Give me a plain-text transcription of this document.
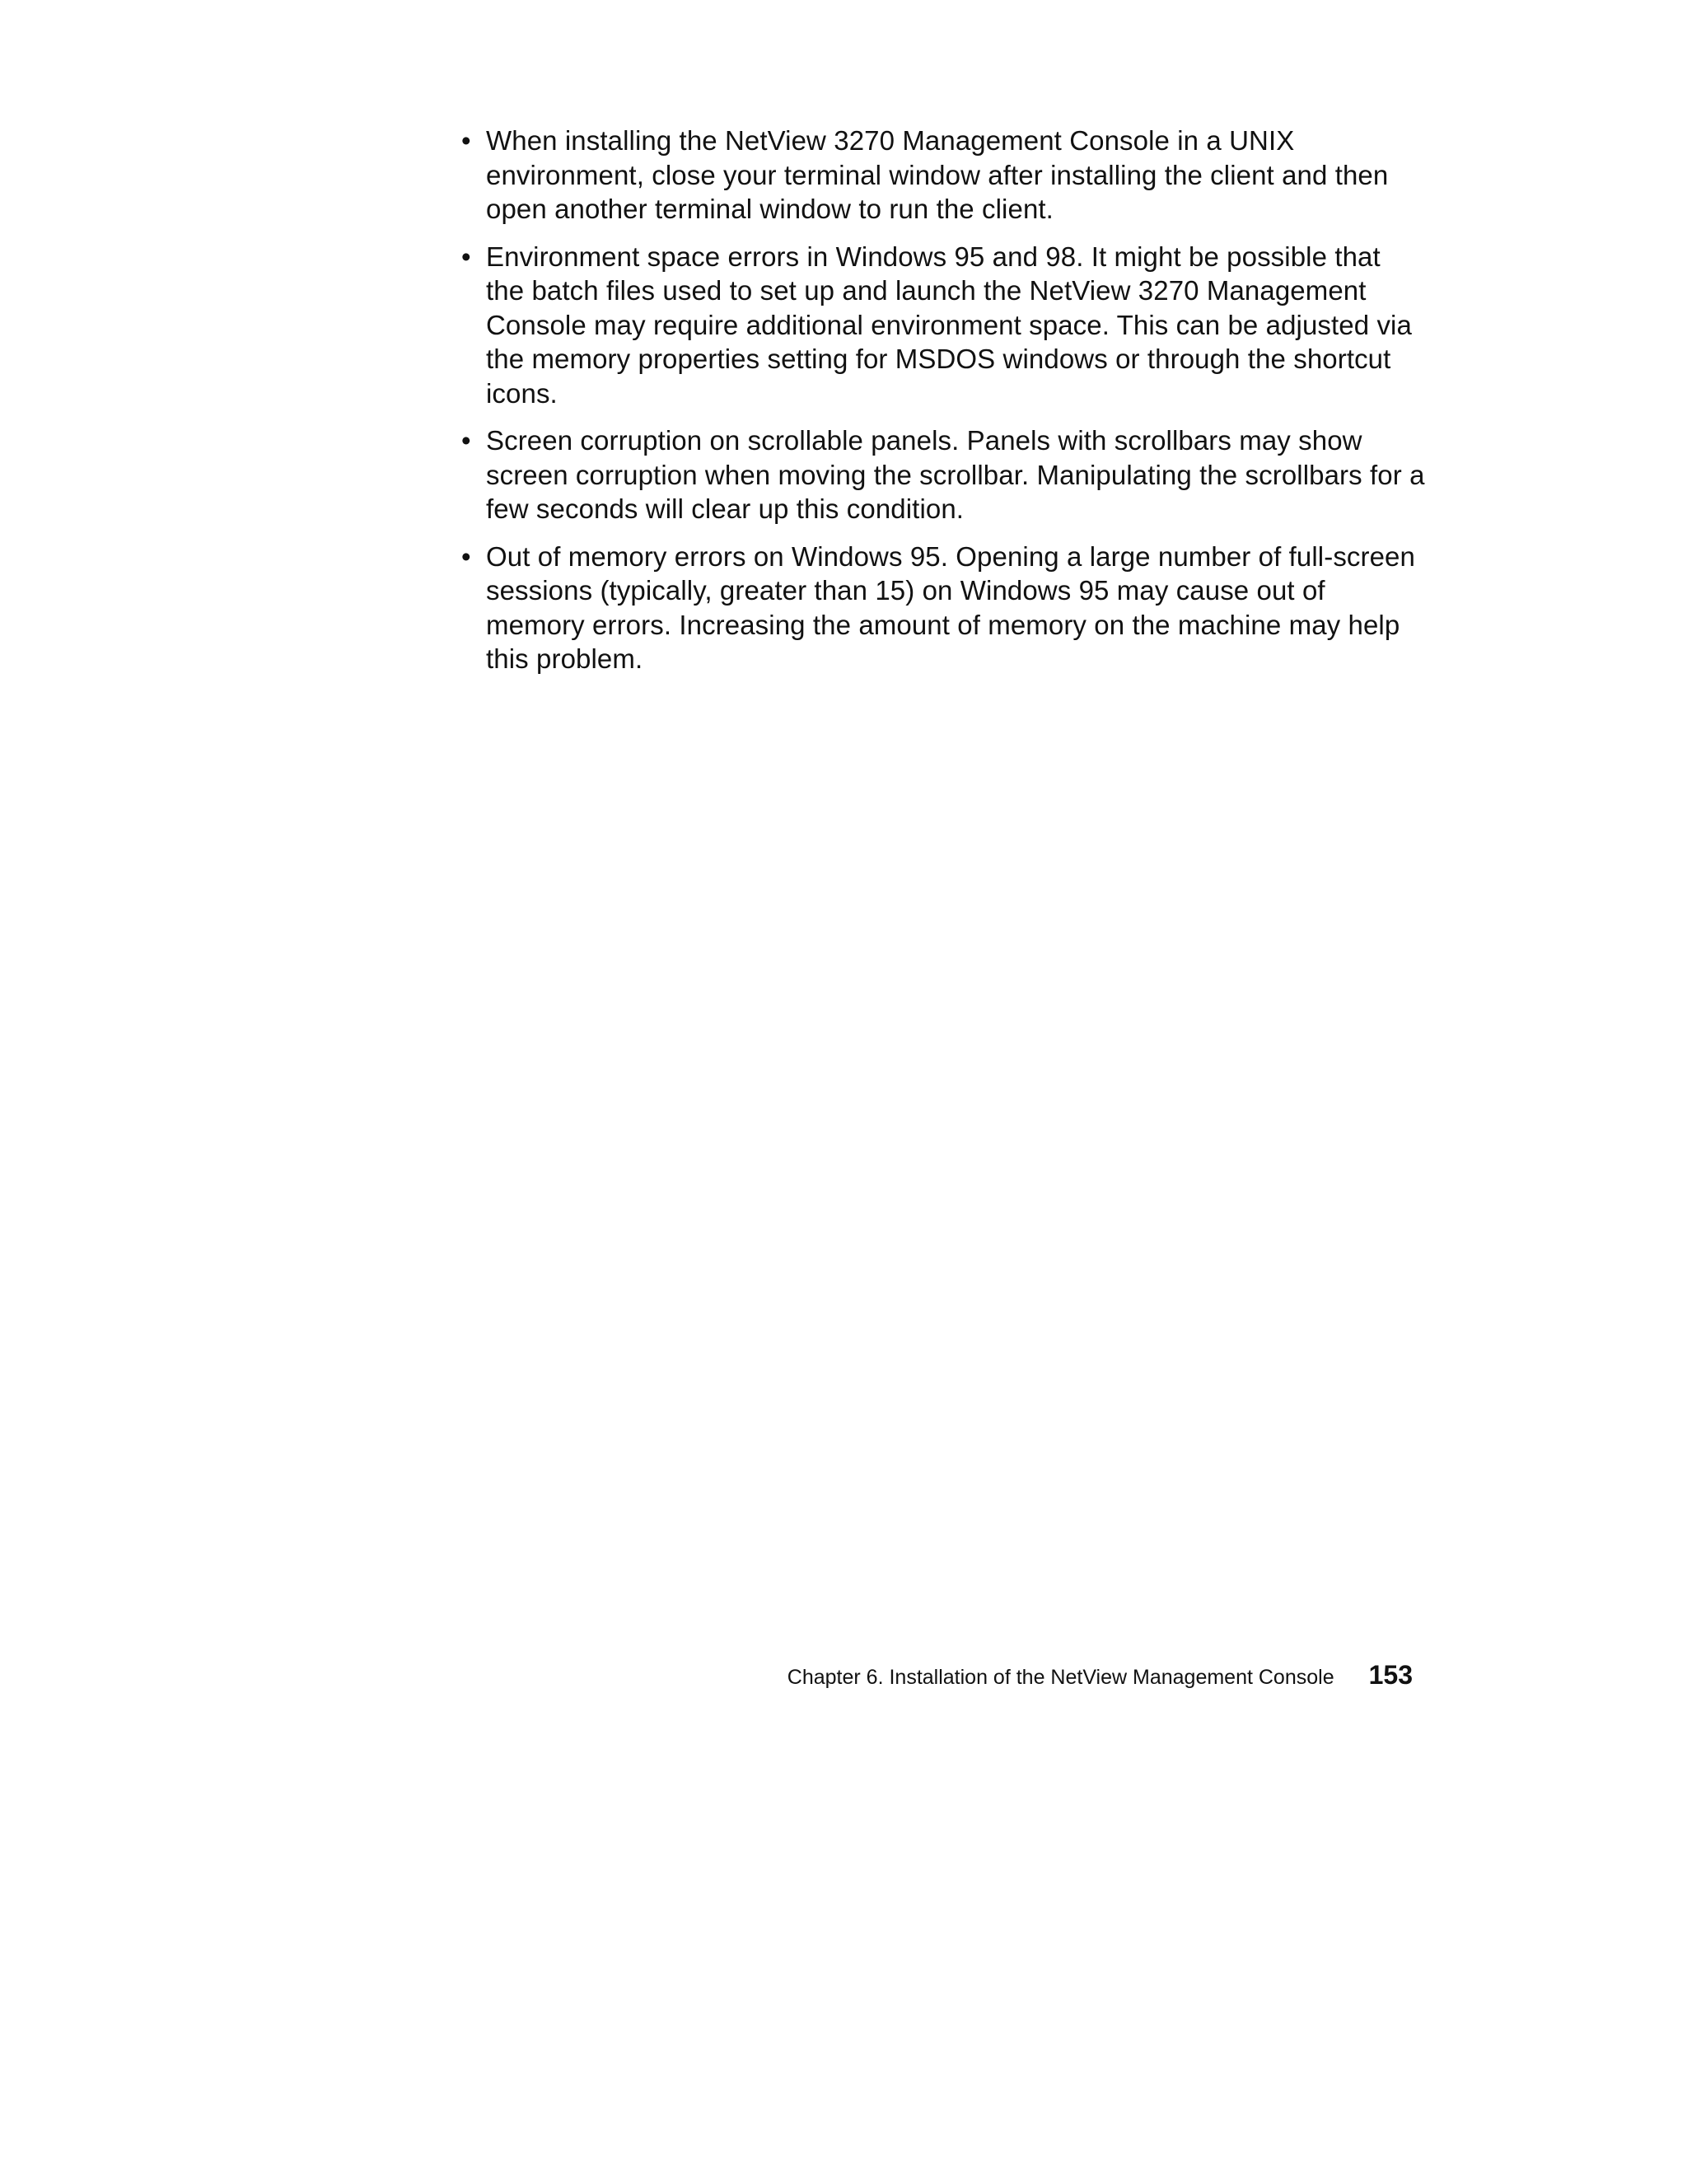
• When installing the NetView 3270 Management Console in a UNIX environment, close your terminal window after installing the client and then open another terminal window to run the client.
• Environment space errors in Windows 95 and 98. It might be possible that the batch files used to set up and launch the NetView 3270 Management Console may require additional environment space. This can be adjusted via the memory properties setting for MSDOS windows or through the shortcut icons.
• Screen corruption on scrollable panels. Panels with scrollbars may show screen corruption when moving the scrollbar. Manipulating the scrollbars for a few seconds will clear up this condition.
• Out of memory errors on Windows 95. Opening a large number of full-screen sessions (typically, greater than 15) on Windows 95 may cause out of memory errors. Increasing the amount of memory on the machine may help this problem.
Chapter 6. Installation of the NetView Management Console 153
